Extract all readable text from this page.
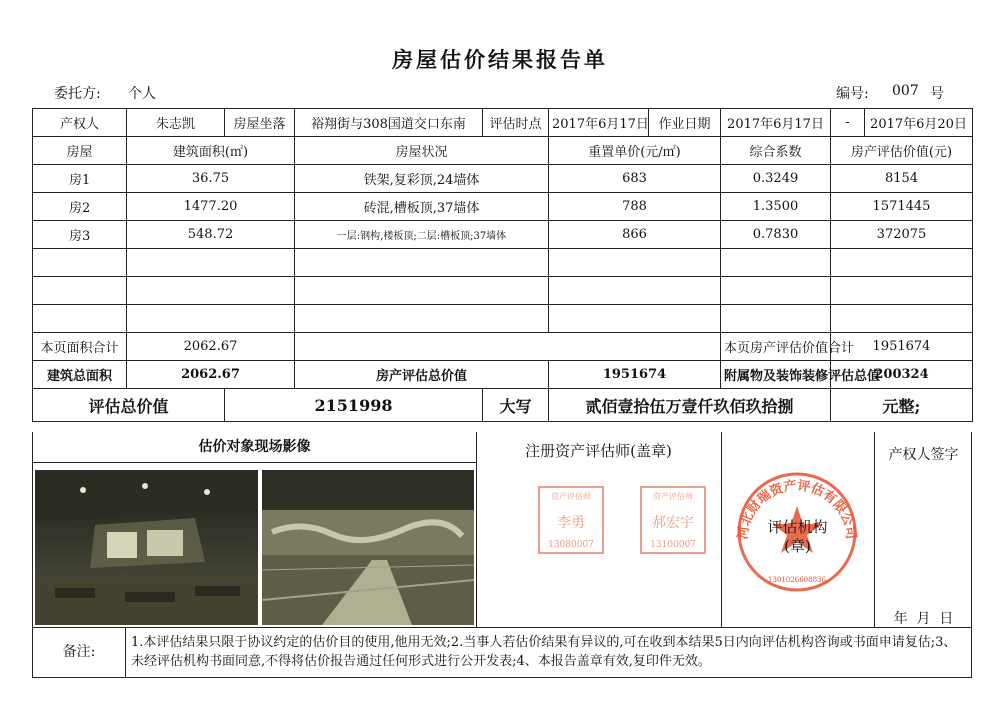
房屋估价结果报告单
委托方: 个人	编号: 007 号
产权人	朱志凯	房屋坐落	裕翔街与308国道交口东南	评估时点	2017年6月17日	作业日期	2017年6月17日	-	2017年6月20日
房屋	建筑面积(㎡)		房屋状况		重置单价(元/㎡)		综合系数	房产评估价值(元)	
房1	36.75		铁架,复彩顶,24墙体		683		0.3249	8154	
房2	1477.20		砖混,槽板顶,37墙体		788		1.3500	1571445	
房3	548.72		一层:钢构,楼板顶;二层:槽板顶;37墙体		866		0.7830	372075	

本页面积合计	2062.67						本页房产评估价值合计	1951674	
建筑总面积	2062.67		房产评估总价值		1951674		附属物及装饰装修评估总值	200324	
评估总价值		2151998		大写	贰佰壹拾伍万壹仟玖佰玖拾捌			元整;	
估价对象现场影像	注册资产评估师(盖章)
资产评估师
李勇
13080007
资产评估师
郝宏宇
13100007
河北财瑞资产评估有限公司
1301026608836
评估机构
(章)
产权人签字
年  月  日
备注:
1.本评估结果只限于协议约定的估价目的使用,他用无效;2.当事人若估价结果有异议的,可在收到本结果5日内向评估机构咨询或书面申请复估;3、未经评估机构书面同意,不得将估价报告通过任何形式进行公开发表;4、本报告盖章有效,复印件无效。
